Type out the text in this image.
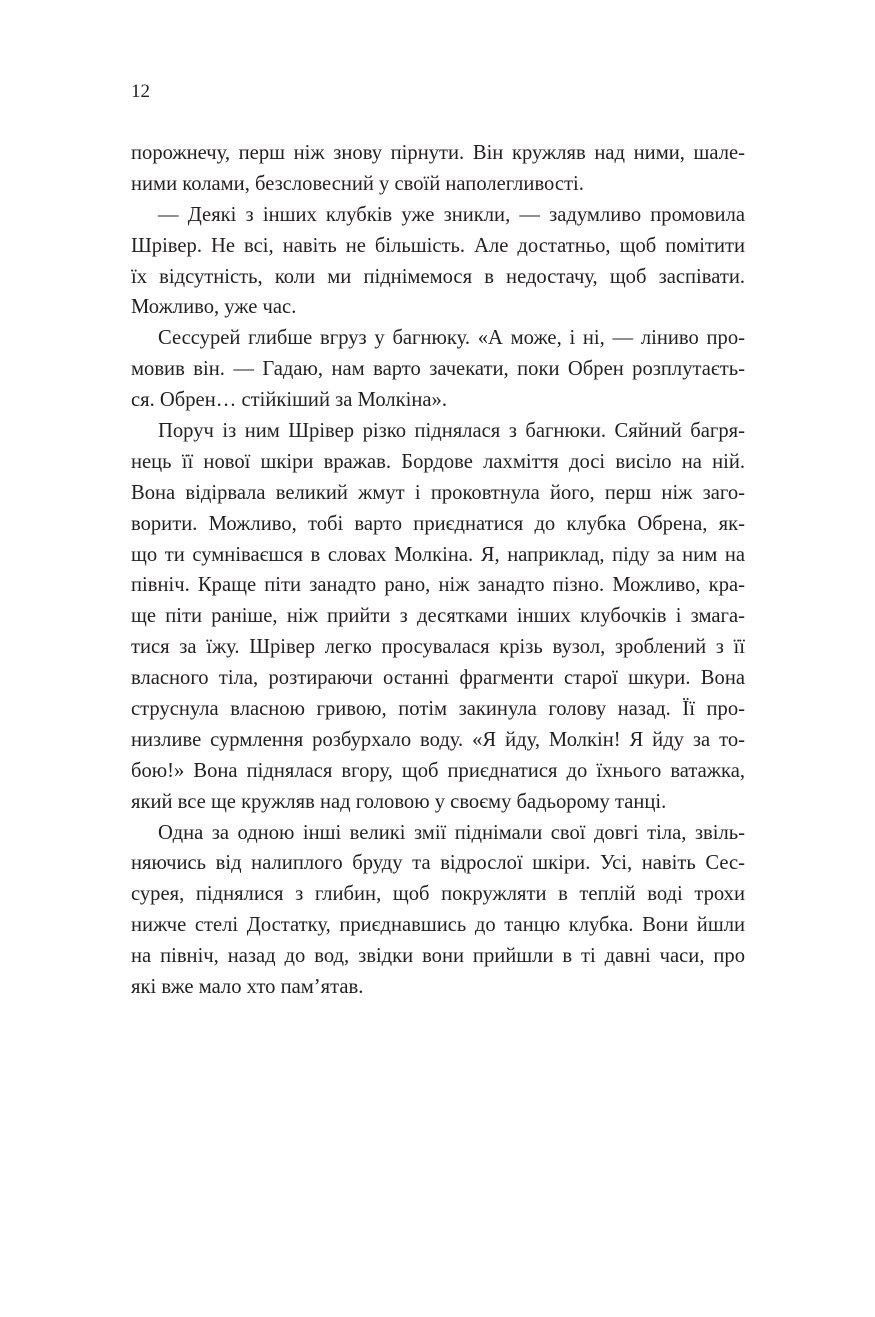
12
порожнечу, перш ніж знову пірнути. Він кружляв над ними, шале-
ними колами, безсловесний у своїй наполегливості.
— Деякі з інших клубків уже зникли, — задумливо промовила
Шрівер. Не всі, навіть не більшість. Але достатньо, щоб помітити
їх відсутність, коли ми піднімемося в недостачу, щоб заспівати.
Можливо, уже час.
Сессурей глибше вгруз у багнюку. «А може, і ні, — ліниво про-
мовив він. — Гадаю, нам варто зачекати, поки Обрен розплутаєть-
ся. Обрен… стійкіший за Молкіна».
Поруч із ним Шрівер різко піднялася з багнюки. Сяйний багря-
нець її нової шкіри вражав. Бордове лахміття досі висіло на ній.
Вона відірвала великий жмут і проковтнула його, перш ніж заго-
ворити. Можливо, тобі варто приєднатися до клубка Обрена, як-
що ти сумніваєшся в словах Молкіна. Я, наприклад, піду за ним на
північ. Краще піти занадто рано, ніж занадто пізно. Можливо, кра-
ще піти раніше, ніж прийти з десятками інших клубочків і змага-
тися за їжу. Шрівер легко просувалася крізь вузол, зроблений з її
власного тіла, розтираючи останні фрагменти старої шкури. Вона
струснула власною гривою, потім закинула голову назад. Її про-
низливе сурмлення розбурхало воду. «Я йду, Молкін! Я йду за то-
бою!» Вона піднялася вгору, щоб приєднатися до їхнього ватажка,
який все ще кружляв над головою у своєму бадьорому танці.
Одна за одною інші великі змії піднімали свої довгі тіла, звіль-
няючись від налиплого бруду та відрослої шкіри. Усі, навіть Сес-
сурея, піднялися з глибин, щоб покружляти в теплій воді трохи
нижче стелі Достатку, приєднавшись до танцю клубка. Вони йшли
на північ, назад до вод, звідки вони прийшли в ті давні часи, про
які вже мало хто пам’ятав.
